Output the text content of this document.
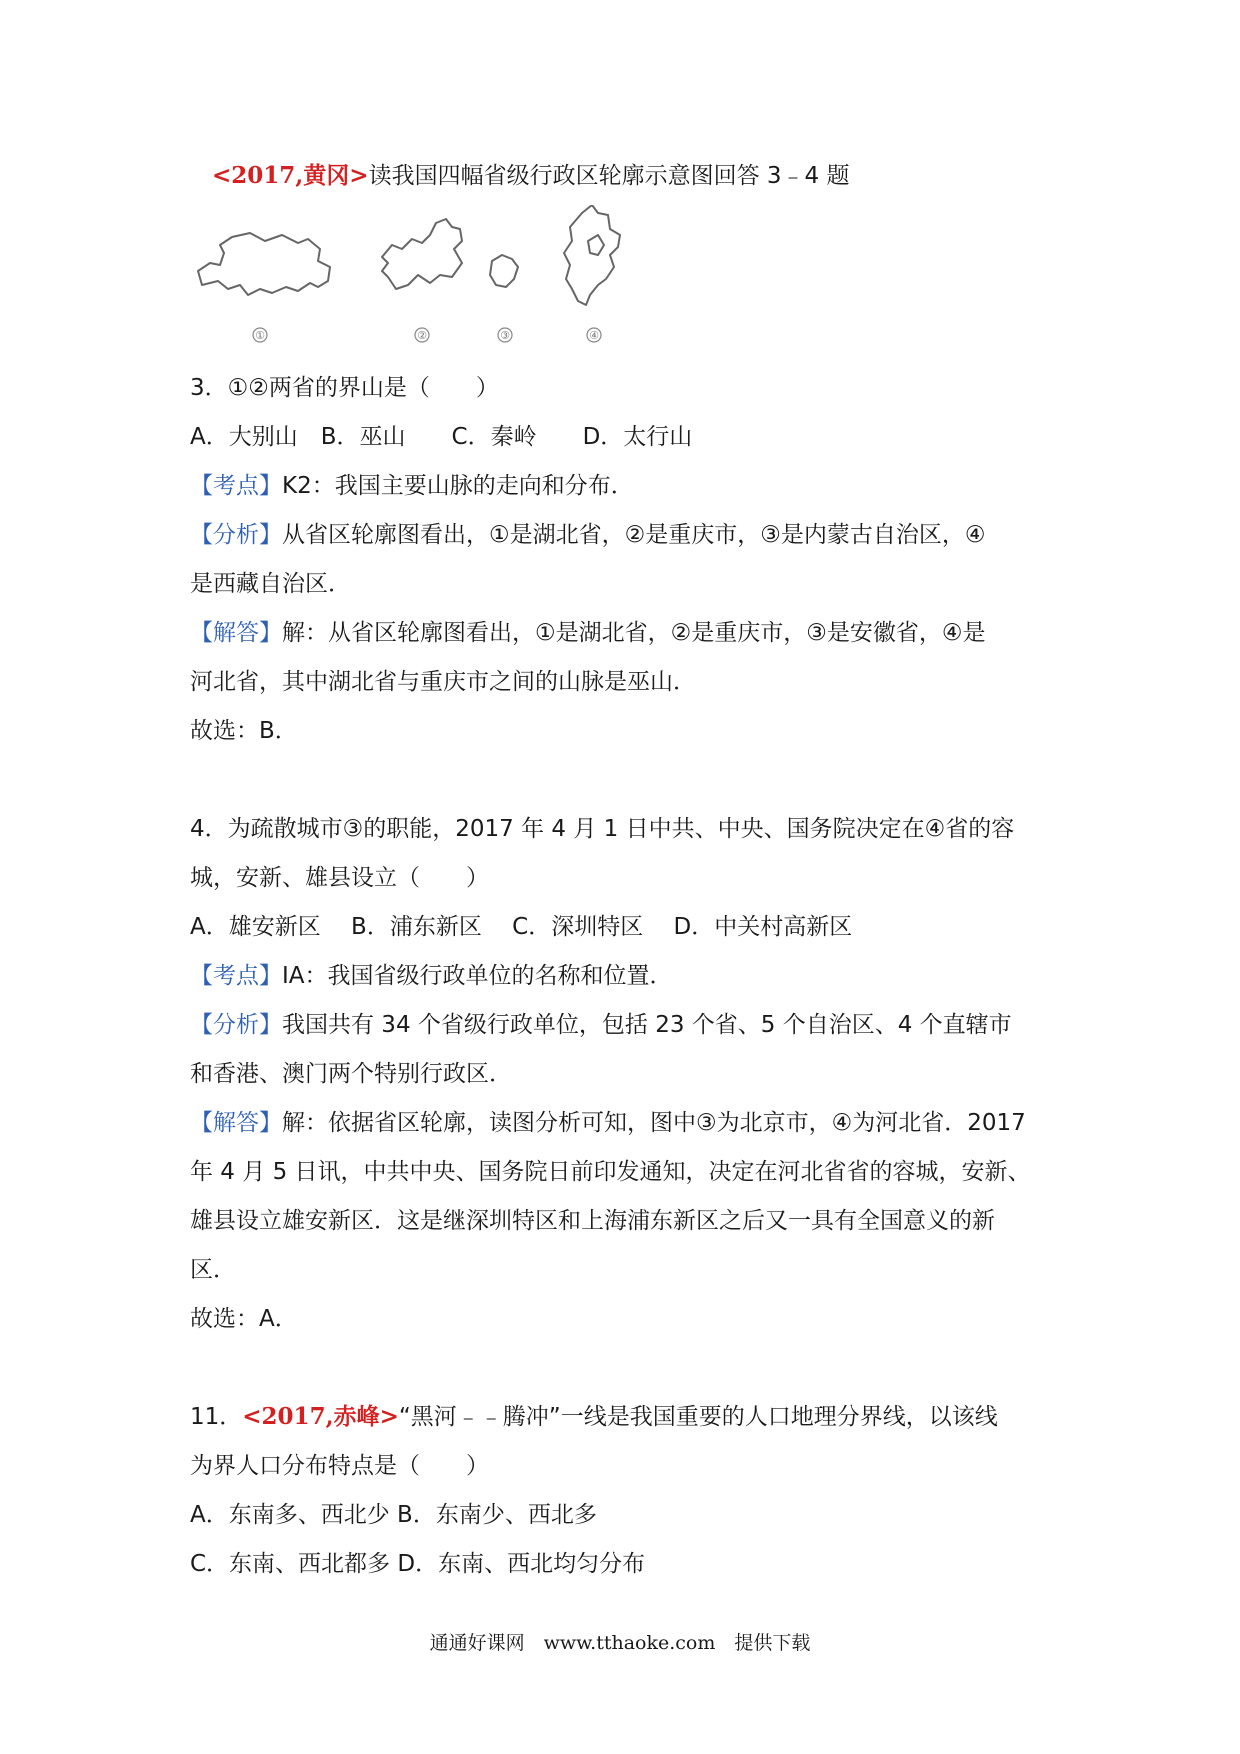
<2017,黄冈>读我国四幅省级行政区轮廓示意图回答 3﹣4 题
①	②	③	④
3．①②两省的界山是（　　）
A．大别山　B．巫山　　C．秦岭　　D．太行山
【考点】K2：我国主要山脉的走向和分布．
【分析】从省区轮廓图看出，①是湖北省，②是重庆市，③是内蒙古自治区，④
是西藏自治区．
【解答】解：从省区轮廓图看出，①是湖北省，②是重庆市，③是安徽省，④是
河北省，其中湖北省与重庆市之间的山脉是巫山．
故选：B．
4．为疏散城市③的职能，2017 年 4 月 1 日中共、中央、国务院决定在④省的容
城，安新、雄县设立（　　）
A．雄安新区　 B．浦东新区　 C．深圳特区　 D．中关村高新区
【考点】IA：我国省级行政单位的名称和位置．
【分析】我国共有 34 个省级行政单位，包括 23 个省、5 个自治区、4 个直辖市
和香港、澳门两个特别行政区．
【解答】解：依据省区轮廓，读图分析可知，图中③为北京市，④为河北省．2017
年 4 月 5 日讯，中共中央、国务院日前印发通知，决定在河北省省的容城，安新、
雄县设立雄安新区．这是继深圳特区和上海浦东新区之后又一具有全国意义的新
区．
故选：A．
11．<2017,赤峰>“黑河﹣﹣腾冲”一线是我国重要的人口地理分界线，以该线
为界人口分布特点是（　　）
A．东南多、西北少 B．东南少、西北多
C．东南、西北都多 D．东南、西北均匀分布
通通好课网　www.tthaoke.com　提供下载
